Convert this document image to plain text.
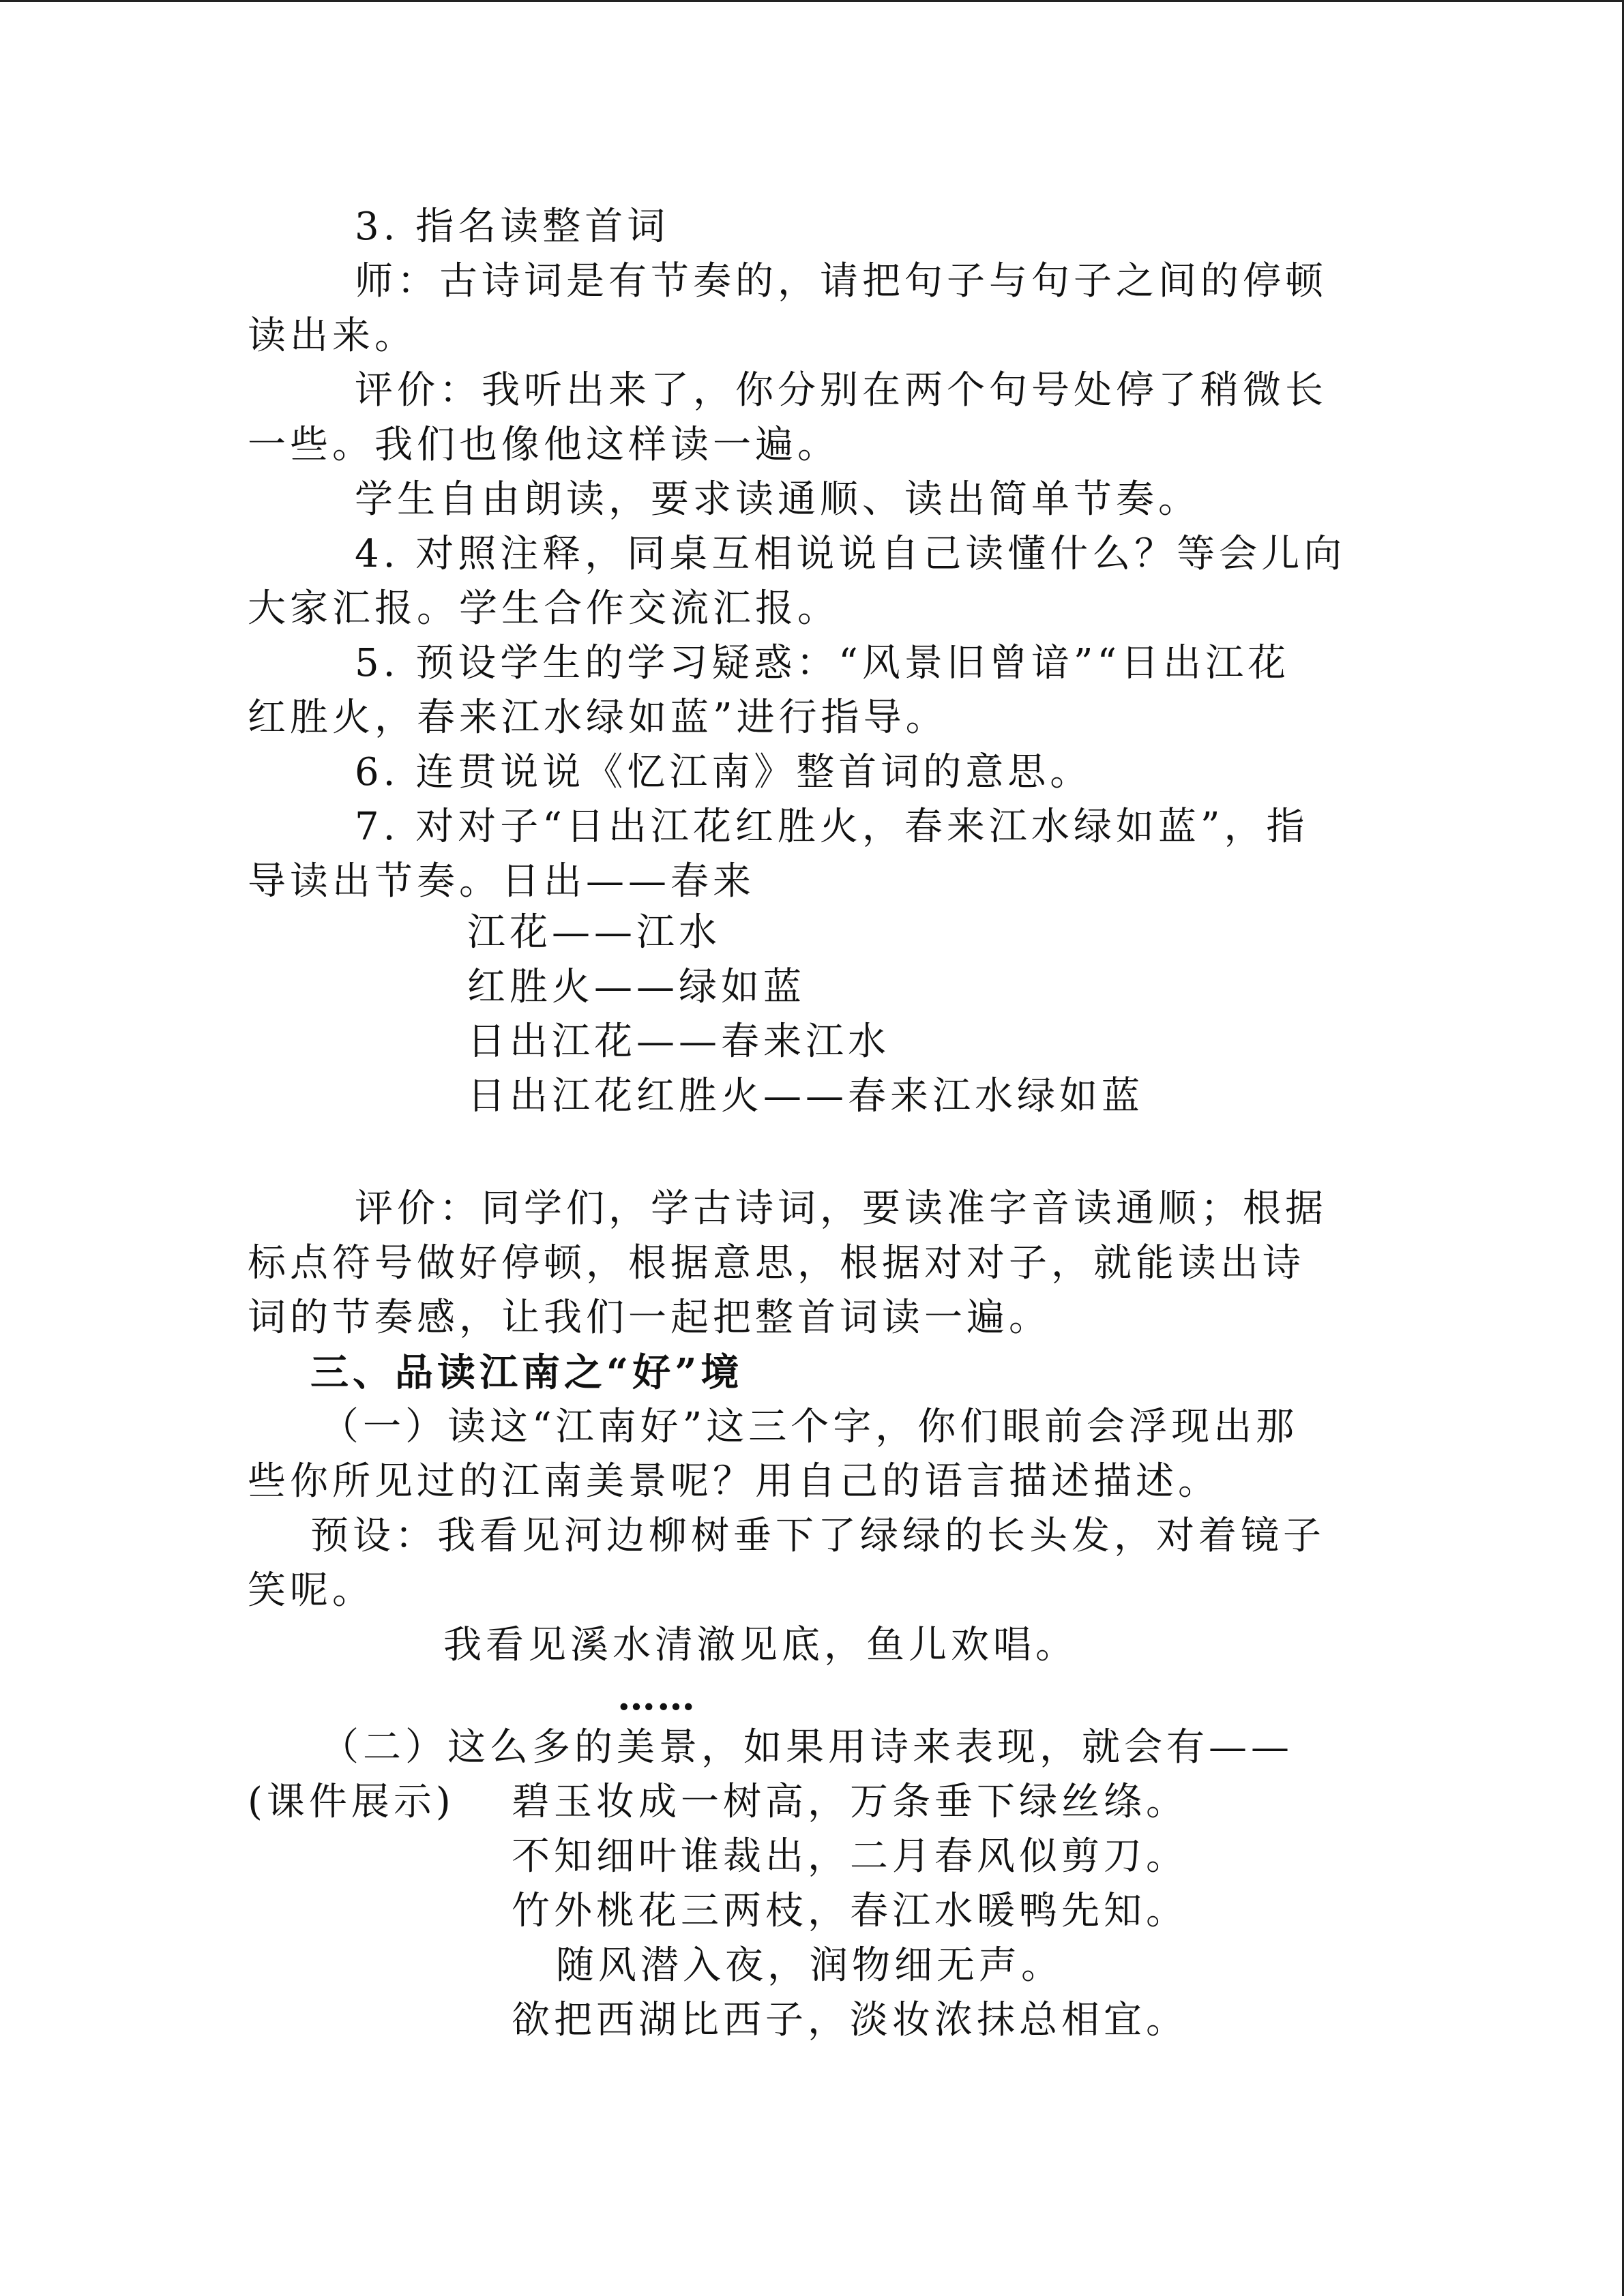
3. 指名读整首词
师：古诗词是有节奏的，请把句子与句子之间的停顿
读出来。
评价：我听出来了，你分别在两个句号处停了稍微长
一些。我们也像他这样读一遍。
学生自由朗读，要求读通顺、读出简单节奏。
4. 对照注释，同桌互相说说自己读懂什么？等会儿向
大家汇报。学生合作交流汇报。
5. 预设学生的学习疑惑：“风景旧曾谙”“日出江花
红胜火，春来江水绿如蓝”进行指导。
6. 连贯说说《忆江南》整首词的意思。
7. 对对子“日出江花红胜火，春来江水绿如蓝”，指
导读出节奏。日出——春来
江花——江水
红胜火——绿如蓝
日出江花——春来江水
日出江花红胜火——春来江水绿如蓝
评价：同学们，学古诗词，要读准字音读通顺；根据
标点符号做好停顿，根据意思，根据对对子，就能读出诗
词的节奏感，让我们一起把整首词读一遍。
三、品读江南之“好”境
（一）读这“江南好”这三个字，你们眼前会浮现出那
些你所见过的江南美景呢？用自己的语言描述描述。
预设：我看见河边柳树垂下了绿绿的长头发，对着镜子
笑呢。
我看见溪水清澈见底，鱼儿欢唱。
……
（二）这么多的美景，如果用诗来表现，就会有——
(课件展示) 碧玉妆成一树高，万条垂下绿丝绦。
不知细叶谁裁出，二月春风似剪刀。
竹外桃花三两枝，春江水暖鸭先知。
随风潜入夜，润物细无声。
欲把西湖比西子，淡妆浓抹总相宜。
